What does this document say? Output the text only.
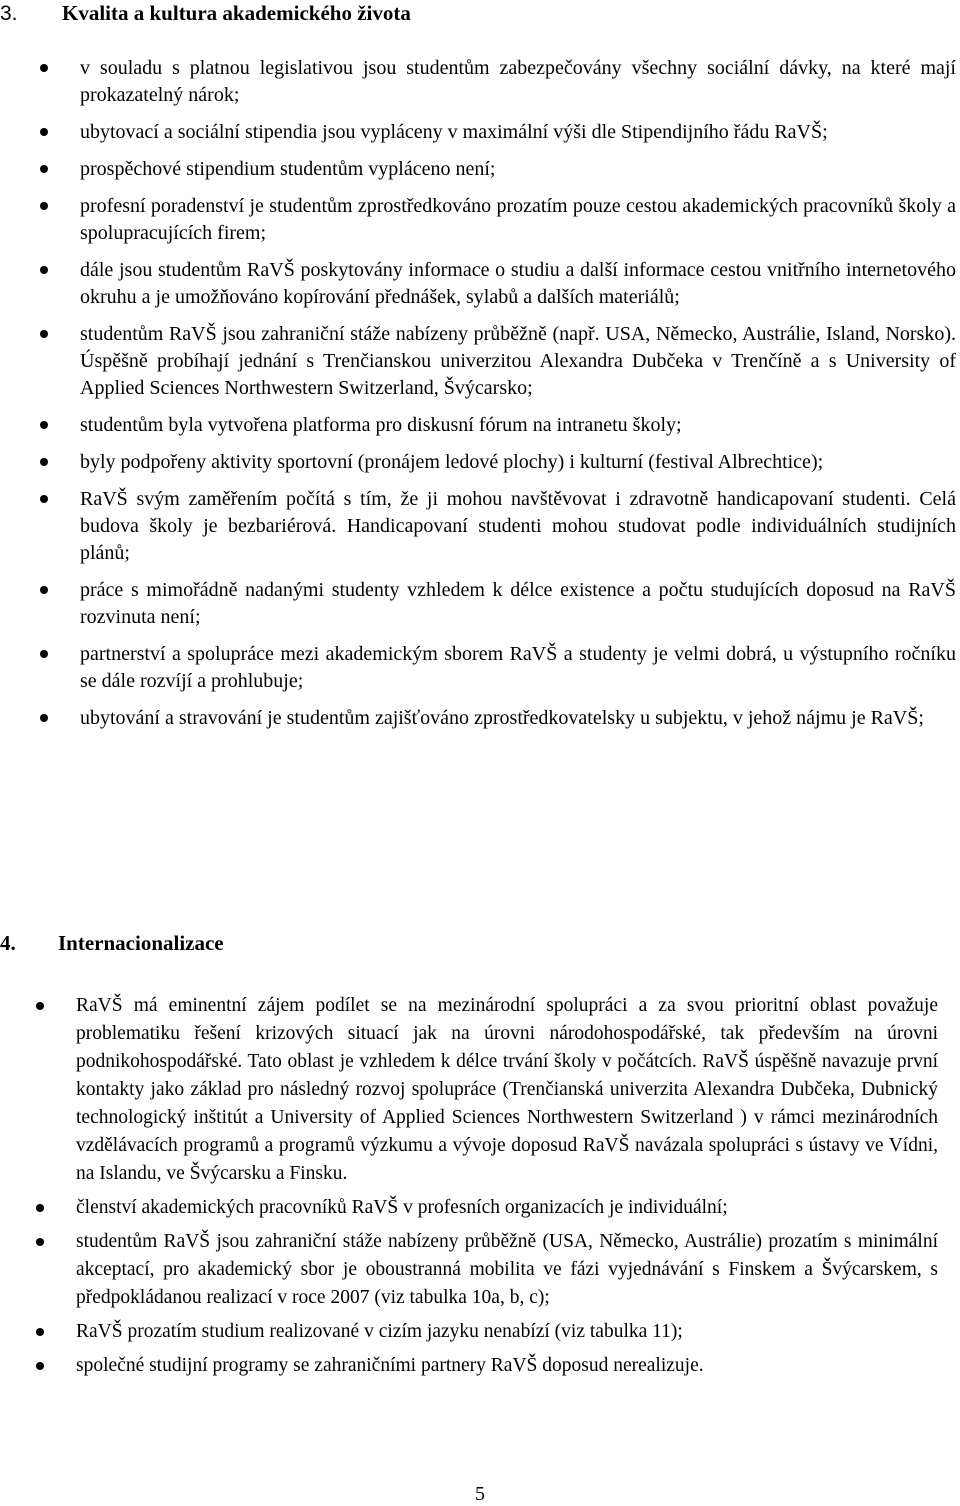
3. Kvalita a kultura akademického života
v souladu s platnou legislativou jsou studentům zabezpečovány všechny sociální dávky, na které mají prokazatelný nárok;
ubytovací a sociální stipendia jsou vypláceny v maximální výši dle Stipendijního řádu RaVŠ;
prospěchové stipendium studentům vypláceno není;
profesní poradenství je studentům zprostředkováno prozatím pouze cestou akademických pracovníků školy a spolupracujících firem;
dále jsou studentům RaVŠ poskytovány informace o studiu a další informace cestou vnitřního internetového okruhu a je umožňováno kopírování přednášek, sylabů a dalších materiálů;
studentům RaVŠ jsou zahraniční stáže nabízeny průběžně (např. USA, Německo, Austrálie, Island, Norsko). Úspěšně probíhají jednání s Trenčianskou univerzitou Alexandra Dubčeka v Trenčíně a s University of Applied Sciences Northwestern Switzerland, Švýcarsko;
studentům byla vytvořena platforma pro diskusní fórum na intranetu školy;
byly podpořeny aktivity sportovní (pronájem ledové plochy) i kulturní (festival Albrechtice);
RaVŠ svým zaměřením počítá s tím, že ji mohou navštěvovat i zdravotně handicapovaní studenti. Celá budova školy je bezbariérová. Handicapovaní studenti mohou studovat podle individuálních studijních plánů;
práce s mimořádně nadanými studenty vzhledem k délce existence a počtu studujících doposud na RaVŠ rozvinuta není;
partnerství a spolupráce mezi akademickým sborem RaVŠ a studenty je velmi dobrá, u výstupního ročníku se dále rozvíjí a prohlubuje;
ubytování a stravování je studentům zajišťováno zprostředkovatelsky u subjektu, v jehož nájmu je RaVŠ;
4. Internacionalizace
RaVŠ má eminentní zájem podílet se na mezinárodní spolupráci a za svou prioritní oblast považuje problematiku řešení krizových situací jak na úrovni národohospodářské, tak především na úrovni podnikohospodářské. Tato oblast je vzhledem k délce trvání školy v počátcích. RaVŠ úspěšně navazuje první kontakty jako základ pro následný rozvoj spolupráce (Trenčianská univerzita Alexandra Dubčeka, Dubnický technologický inštitút a University of Applied Sciences Northwestern Switzerland ) v rámci mezinárodních vzdělávacích programů a programů výzkumu a vývoje doposud RaVŠ navázala spolupráci s ústavy ve Vídni, na Islandu, ve Švýcarsku a Finsku.
členství akademických pracovníků RaVŠ v profesních organizacích je individuální;
studentům RaVŠ jsou zahraniční stáže nabízeny průběžně (USA, Německo, Austrálie) prozatím s minimální akceptací, pro akademický sbor je oboustranná mobilita ve fázi vyjednávání s Finskem a Švýcarskem, s předpokládanou realizací v roce 2007 (viz tabulka 10a, b, c);
RaVŠ prozatím studium realizované v cizím jazyku nenabízí (viz tabulka 11);
společné studijní programy se zahraničními partnery RaVŠ doposud nerealizuje.
5
